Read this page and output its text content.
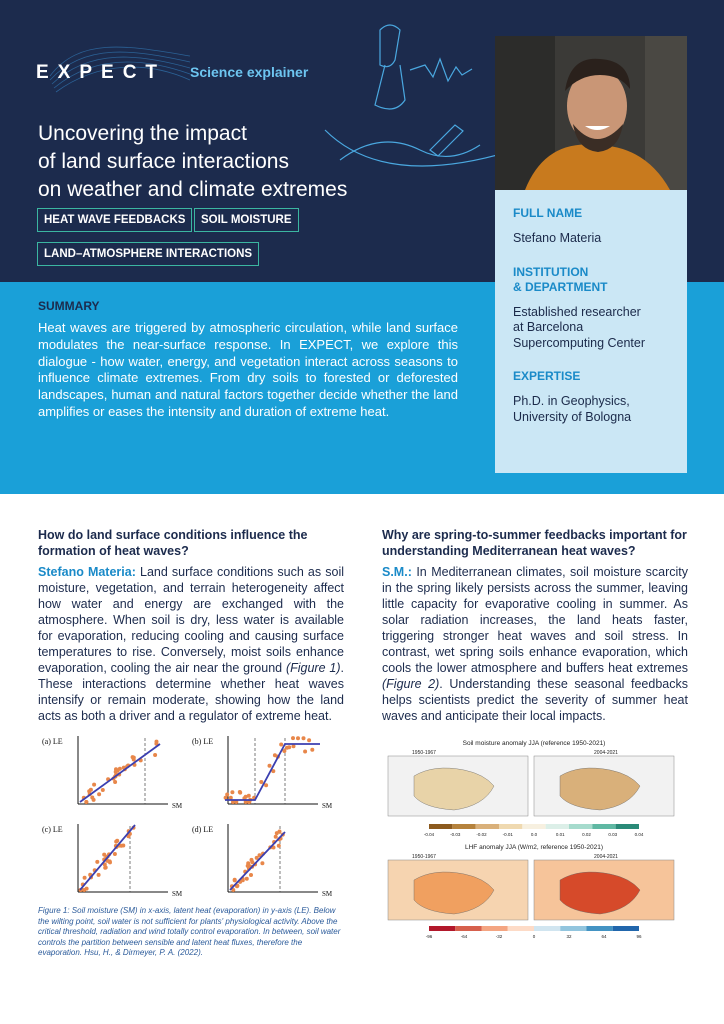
EXPECT Science explainer
Uncovering the impact
of land surface interactions
on weather and climate extremes
HEAT WAVE FEEDBACKS	SOIL MOISTURE
LAND–ATMOSPHERE INTERACTIONS
FULL NAME
Stefano Materia
INSTITUTION
& DEPARTMENT
Established researcher
at Barcelona
Supercomputing Center
EXPERTISE
Ph.D. in Geophysics,
University of Bologna
SUMMARY
Heat waves are triggered by atmospheric circulation, while land surface modulates the near-surface response. In EXPECT, we explore this dialogue - how water, energy, and vegetation interact across seasons to influence climate extremes. From dry soils to forested or deforested landscapes, human and natural factors together decide whether the land amplifies or eases the intensity and duration of extreme heat.
How do land surface conditions influence the formation of heat waves?
Stefano Materia: Land surface conditions such as soil moisture, vegetation, and terrain heterogeneity affect how water and energy are exchanged with the atmosphere. When soil is dry, less water is available for evaporation, reducing cooling and causing surface temperatures to rise. Conversely, moist soils enhance evaporation, cooling the air near the ground (Figure 1). These interactions determine whether heat waves intensify or remain moderate, showing how the land acts as both a driver and a regulator of extreme heat.
(a) LE
SM
(b) LE
SM
(c) LE
SM
(d) LE
SM
Figure 1: Soil moisture (SM) in x-axis, latent heat (evaporation) in y-axis (LE). Below the wilting point, soil water is not sufficient for plants' physiological activity. Above the critical threshold, radiation and wind totally control evaporation. In between, soil water controls the partition between sensible and latent heat fluxes, therefore the evaporation. Hsu, H., & Dirmeyer, P. A. (2022).
Why are spring-to-summer feedbacks important for understanding Mediterranean heat waves?
S.M.: In Mediterranean climates, soil moisture scarcity in the spring likely persists across the summer, leaving little capacity for evaporative cooling in summer. As solar radiation increases, the land heats faster, triggering stronger heat waves and soil stress. In contrast, wet spring soils enhance evaporation, which cools the lower atmosphere and buffers heat extremes (Figure 2). Understanding these seasonal feedbacks helps scientists predict the severity of summer heat waves and anticipate their local impacts.
Soil moisture anomaly JJA (reference 1950-2021)
1950-1967	2004-2021
-0.04	-0.03	-0.02	-0.01	0.0	0.01	0.02	0.03	0.04
LHF anomaly JJA (W/m2, reference 1950-2021)
1950-1967	2004-2021
-96	-64	-32	0	32	64	96
